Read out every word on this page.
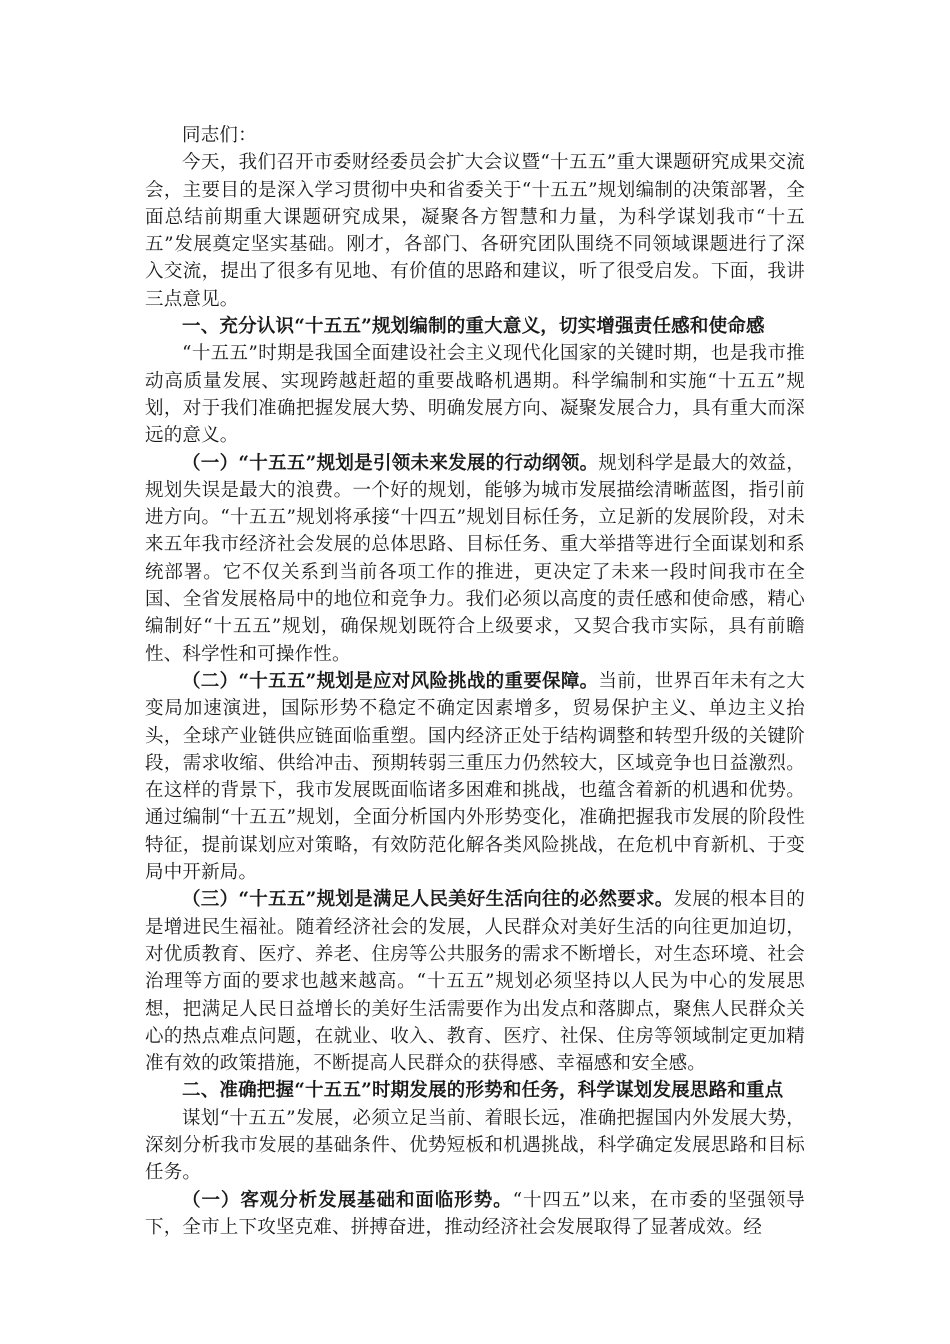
同志们：

今天，我们召开市委财经委员会扩大会议暨“十五五”重大课题研究成果交流会，主要目的是深入学习贯彻中央和省委关于“十五五”规划编制的决策部署，全面总结前期重大课题研究成果，凝聚各方智慧和力量，为科学谋划我市“十五五”发展奠定坚实基础。刚才，各部门、各研究团队围绕不同领域课题进行了深入交流，提出了很多有见地、有价值的思路和建议，听了很受启发。下面，我讲三点意见。

一、充分认识“十五五”规划编制的重大意义，切实增强责任感和使命感

“十五五”时期是我国全面建设社会主义现代化国家的关键时期，也是我市推动高质量发展、实现跨越赶超的重要战略机遇期。科学编制和实施“十五五”规划，对于我们准确把握发展大势、明确发展方向、凝聚发展合力，具有重大而深远的意义。

（一）“十五五”规划是引领未来发展的行动纲领。规划科学是最大的效益，规划失误是最大的浪费。一个好的规划，能够为城市发展描绘清晰蓝图，指引前进方向。“十五五”规划将承接“十四五”规划目标任务，立足新的发展阶段，对未来五年我市经济社会发展的总体思路、目标任务、重大举措等进行全面谋划和系统部署。它不仅关系到当前各项工作的推进，更决定了未来一段时间我市在全国、全省发展格局中的地位和竞争力。我们必须以高度的责任感和使命感，精心编制好“十五五”规划，确保规划既符合上级要求，又契合我市实际，具有前瞻性、科学性和可操作性。

（二）“十五五”规划是应对风险挑战的重要保障。当前，世界百年未有之大变局加速演进，国际形势不稳定不确定因素增多，贸易保护主义、单边主义抬头，全球产业链供应链面临重塑。国内经济正处于结构调整和转型升级的关键阶段，需求收缩、供给冲击、预期转弱三重压力仍然较大，区域竞争也日益激烈。在这样的背景下，我市发展既面临诸多困难和挑战，也蕴含着新的机遇和优势。通过编制“十五五”规划，全面分析国内外形势变化，准确把握我市发展的阶段性特征，提前谋划应对策略，有效防范化解各类风险挑战，在危机中育新机、于变局中开新局。

（三）“十五五”规划是满足人民美好生活向往的必然要求。发展的根本目的是增进民生福祉。随着经济社会的发展，人民群众对美好生活的向往更加迫切，对优质教育、医疗、养老、住房等公共服务的需求不断增长，对生态环境、社会治理等方面的要求也越来越高。“十五五”规划必须坚持以人民为中心的发展思想，把满足人民日益增长的美好生活需要作为出发点和落脚点，聚焦人民群众关心的热点难点问题，在就业、收入、教育、医疗、社保、住房等领域制定更加精准有效的政策措施，不断提高人民群众的获得感、幸福感和安全感。

二、准确把握“十五五”时期发展的形势和任务，科学谋划发展思路和重点

谋划“十五五”发展，必须立足当前、着眼长远，准确把握国内外发展大势，深刻分析我市发展的基础条件、优势短板和机遇挑战，科学确定发展思路和目标任务。

（一）客观分析发展基础和面临形势。“十四五”以来，在市委的坚强领导下，全市上下攻坚克难、拼搏奋进，推动经济社会发展取得了显著成效。经
